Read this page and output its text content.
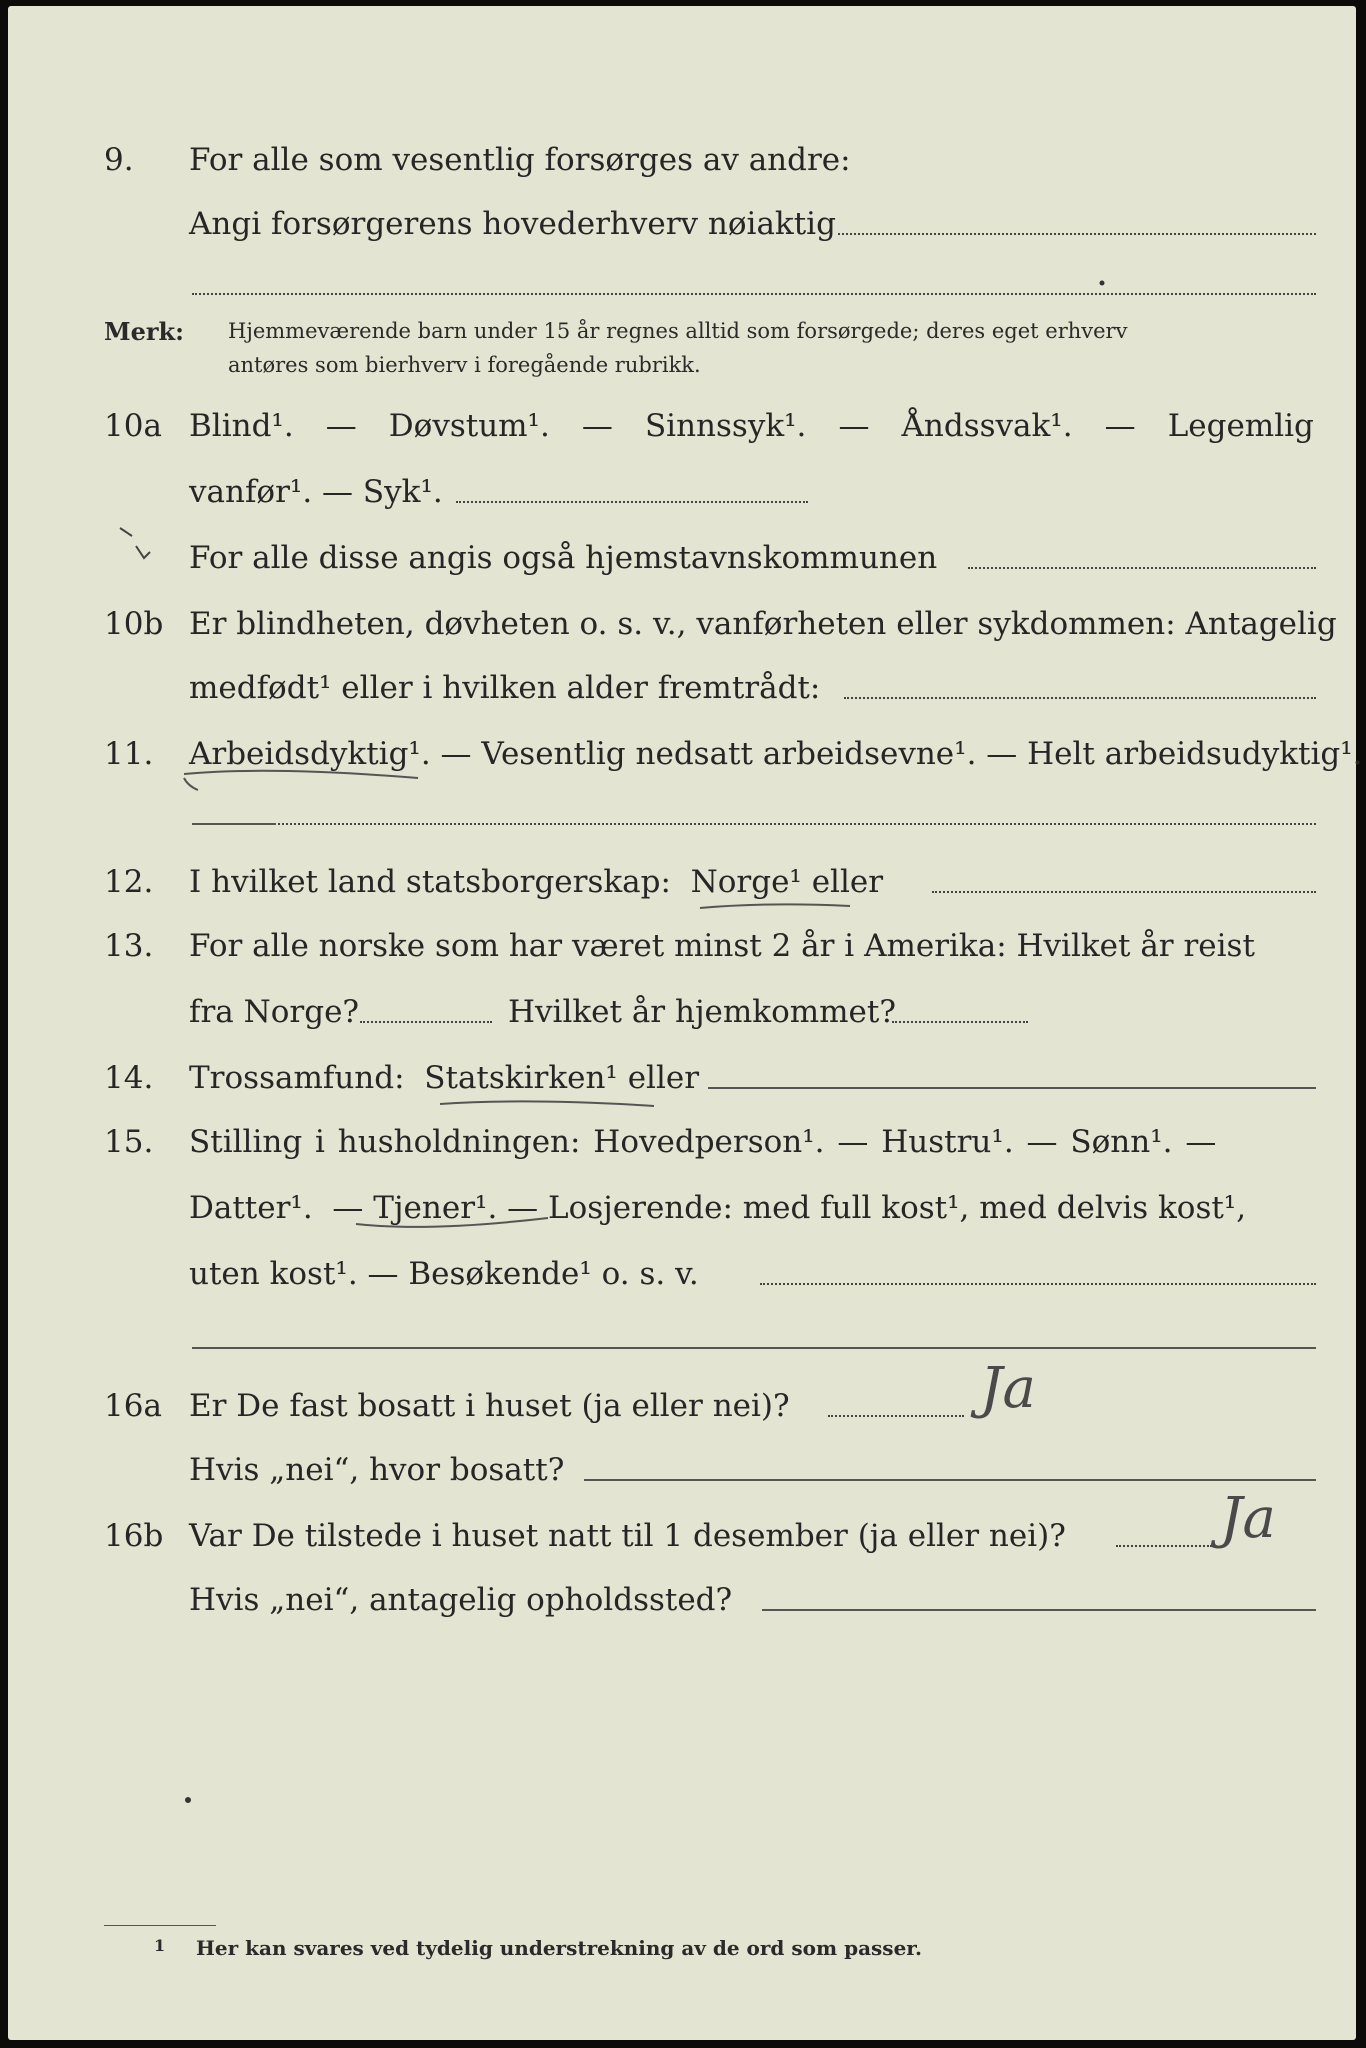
9.	For alle som vesentlig forsørges av andre:
Angi forsørgerens hovederhverv nøiaktig
Merk: Hjemmeværende barn under 15 år regnes alltid som forsørgede; deres eget erhverv
antøres som bierhverv i foregående rubrikk.
10a Blind¹. — Døvstum¹. — Sinnssyk¹. — Åndssvak¹. — Legemlig
vanfør¹. — Syk¹.
For alle disse angis også hjemstavnskommunen
10b Er blindheten, døvheten o. s. v., vanførheten eller sykdommen: Antagelig
medfødt¹ eller i hvilken alder fremtrådt:
11.	Arbeidsdyktig¹. — Vesentlig nedsatt arbeidsevne¹. — Helt arbeidsudyktig¹.
12.	I hvilket land statsborgerskap:  Norge¹ eller
13.	For alle norske som har været minst 2 år i Amerika: Hvilket år reist
fra Norge?	Hvilket år hjemkommet?
14.	Trossamfund:  Statskirken¹ eller
15.	Stilling i husholdningen: Hovedperson¹. — Hustru¹. — Sønn¹. —
Datter¹.  — Tjener¹. — Losjerende: med full kost¹, med delvis kost¹,
uten kost¹. — Besøkende¹ o. s. v.
16a Er De fast bosatt i huset (ja eller nei)?	Ja
Hvis „nei“, hvor bosatt?
16b Var De tilstede i huset natt til 1 desember (ja eller nei)?	Ja
Hvis „nei“, antagelig opholdssted?
1 Her kan svares ved tydelig understrekning av de ord som passer.
